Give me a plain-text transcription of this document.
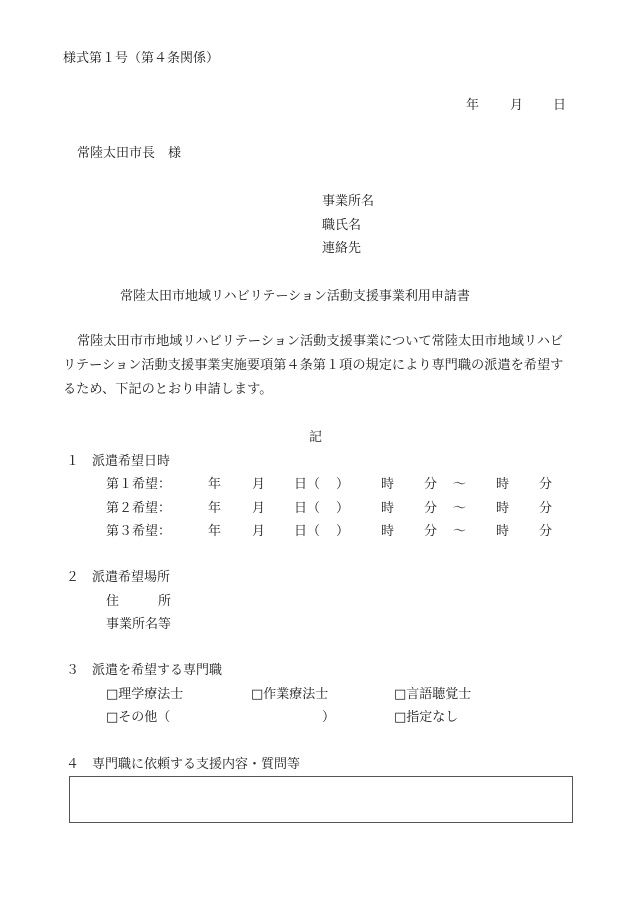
様式第１号（第４条関係）
年 月 日
常陸太田市長　様
事業所名
職氏名
連絡先
常陸太田市地域リハビリテーション活動支援事業利用申請書
常陸太田市市地域リハビリテーション活動支援事業について常陸太田市地域リハビリテーション活動支援事業実施要項第４条第１項の規定により専門職の派遣を希望するため、下記のとおり申請します。
記
１　派遣希望日時
第１希望：	年 月 日（ ） 時 分 〜 時 分
第２希望：	年 月 日（ ） 時 分 〜 時 分
第３希望：	年 月 日（ ） 時 分 〜 時 分
２　派遣希望場所
住　　　所
事業所名等
３　派遣を希望する専門職
□理学療法士	□作業療法士	□言語聴覚士
□その他（	）	□指定なし
４　専門職に依頼する支援内容・質問等
